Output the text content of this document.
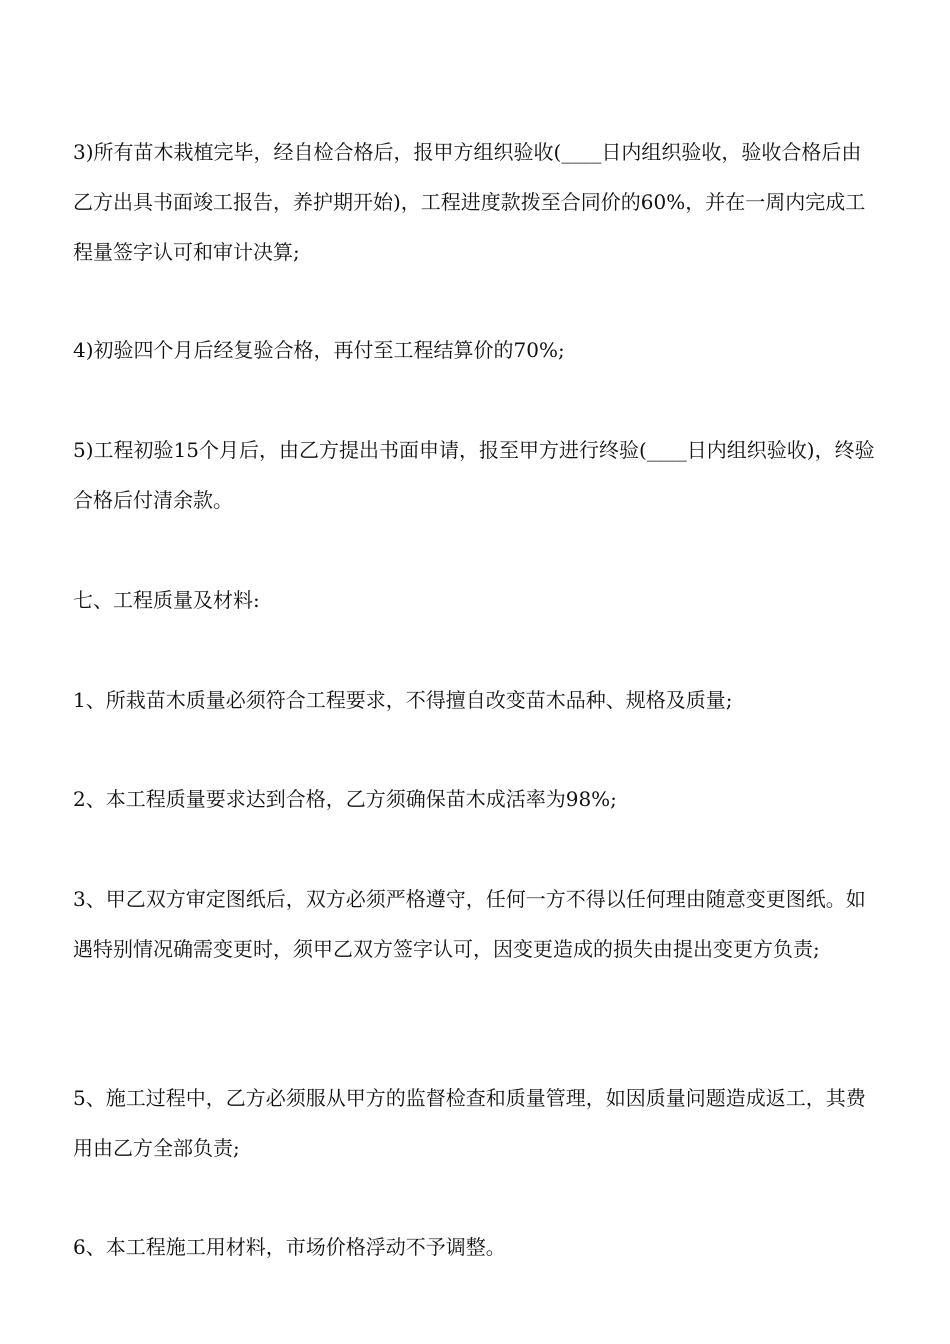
3)所有苗木栽植完毕，经自检合格后，报甲方组织验收(____日内组织验收，验收合格后由乙方出具书面竣工报告，养护期开始)，工程进度款拨至合同价的60%，并在一周内完成工程量签字认可和审计决算;

4)初验四个月后经复验合格，再付至工程结算价的70%;

5)工程初验15个月后，由乙方提出书面申请，报至甲方进行终验(____日内组织验收)，终验合格后付清余款。

七、工程质量及材料:

1、所栽苗木质量必须符合工程要求，不得擅自改变苗木品种、规格及质量;

2、本工程质量要求达到合格，乙方须确保苗木成活率为98%;

3、甲乙双方审定图纸后，双方必须严格遵守，任何一方不得以任何理由随意变更图纸。如遇特别情况确需变更时，须甲乙双方签字认可，因变更造成的损失由提出变更方负责;

5、施工过程中，乙方必须服从甲方的监督检查和质量管理，如因质量问题造成返工，其费用由乙方全部负责;

6、本工程施工用材料，市场价格浮动不予调整。
